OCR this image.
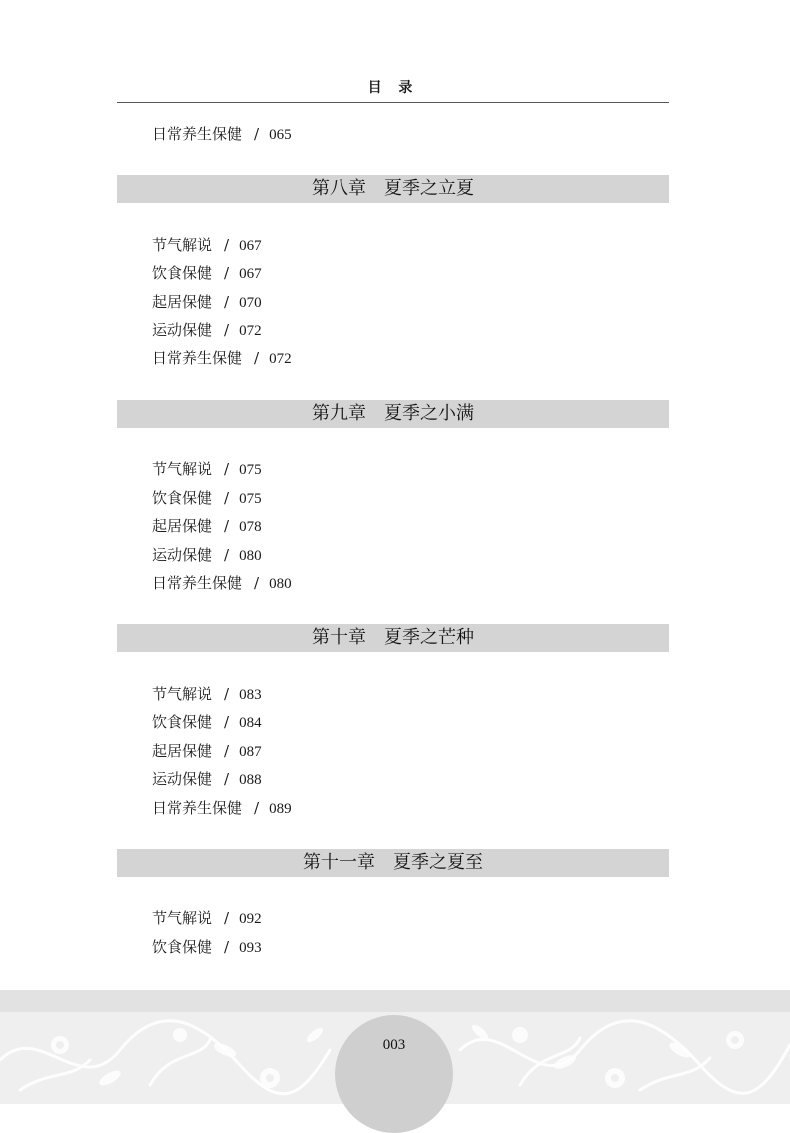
目 录
日常养生保健 / 065
第八章 夏季之立夏
节气解说 / 067
饮食保健 / 067
起居保健 / 070
运动保健 / 072
日常养生保健 / 072
第九章 夏季之小满
节气解说 / 075
饮食保健 / 075
起居保健 / 078
运动保健 / 080
日常养生保健 / 080
第十章 夏季之芒种
节气解说 / 083
饮食保健 / 084
起居保健 / 087
运动保健 / 088
日常养生保健 / 089
第十一章 夏季之夏至
节气解说 / 092
饮食保健 / 093
003
